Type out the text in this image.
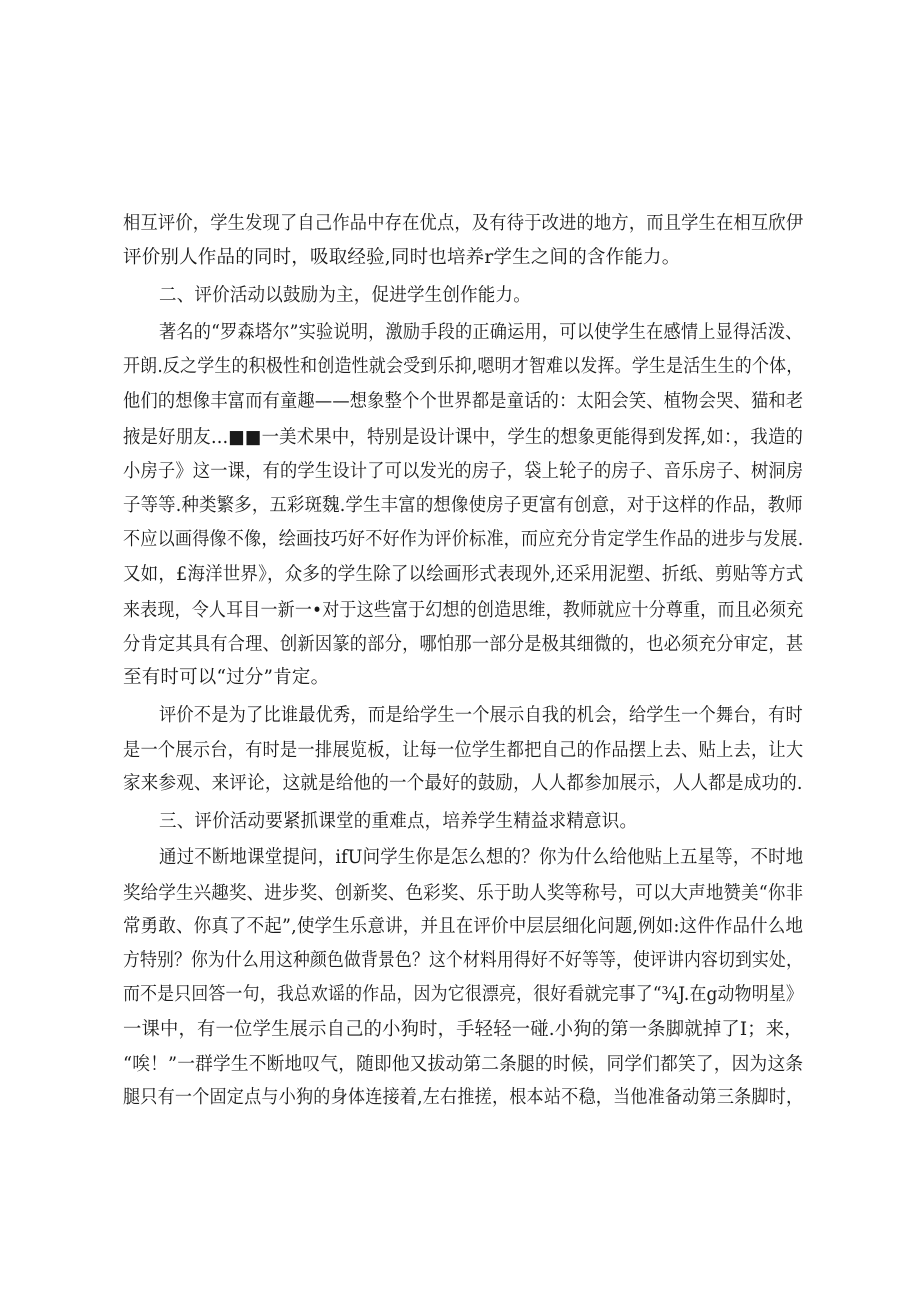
相互评价，学生发现了自己作品中存在优点，及有待于改进的地方，而且学生在相互欣伊
评价别人作品的同时，吸取经验,同时也培养r学生之间的含作能力。
二、评价活动以鼓励为主，促进学生创作能力。
著名的“罗森塔尔”实验说明，激励手段的正确运用，可以使学生在感情上显得活泼、
开朗.反之学生的积极性和创造性就会受到乐抑,嗯明才智难以发挥。学生是活生生的个体，
他们的想像丰富而有童趣——想象整个个世界都是童话的：太阳会笑、植物会哭、猫和老
掖是好朋友…■■一美术果中，特别是设计课中，学生的想象更能得到发挥,如：，我造的
小房子》这一课，有的学生设计了可以发光的房子，袋上轮子的房子、音乐房子、树洞房
子等等.种类繁多，五彩斑魏.学生丰富的想像使房子更富有创意，对于这样的作品，教师
不应以画得像不像，绘画技巧好不好作为评价标准，而应充分肯定学生作品的进步与发展.
又如，£海洋世界》，众多的学生除了以绘画形式表现外,还采用泥塑、折纸、剪贴等方式
来表现，令人耳目一新一•对于这些富于幻想的创造思维，教师就应十分尊重，而且必须充
分肯定其具有合理、创新因篆的部分，哪怕那一部分是极其细微的，也必须充分审定，甚
至有时可以“过分”肯定。
评价不是为了比谁最优秀，而是给学生一个展示自我的机会，给学生一个舞台，有时
是一个展示台，有时是一排展览板，让每一位学生都把自己的作品摆上去、贴上去，让大
家来参观、来评论，这就是给他的一个最好的鼓励，人人都参加展示，人人都是成功的.
三、评价活动要紧抓课堂的重难点，培养学生精益求精意识。
通过不断地课堂提问，ifU问学生你是怎么想的？你为什么给他贴上五星等，不时地
奖给学生兴趣奖、进步奖、创新奖、色彩奖、乐于助人奖等称号，可以大声地赞美“你非
常勇敢、你真了不起”,使学生乐意讲，并且在评价中层层细化问题,例如:这件作品什么地
方特别？你为什么用这种颜色做背景色？这个材料用得好不好等等，使评讲内容切到实处，
而不是只回答一句，我总欢谣的作品，因为它很漂亮，很好看就完事了“¾J.在g动物明星》
一课中，有一位学生展示自己的小狗时，手轻轻一碰.小狗的第一条脚就掉了I；来，
“唉！”一群学生不断地叹气，随即他又拔动第二条腿的时候，同学们都笑了，因为这条
腿只有一个固定点与小狗的身体连接着,左右推搓，根本站不稳，当他准备动第三条脚时，
